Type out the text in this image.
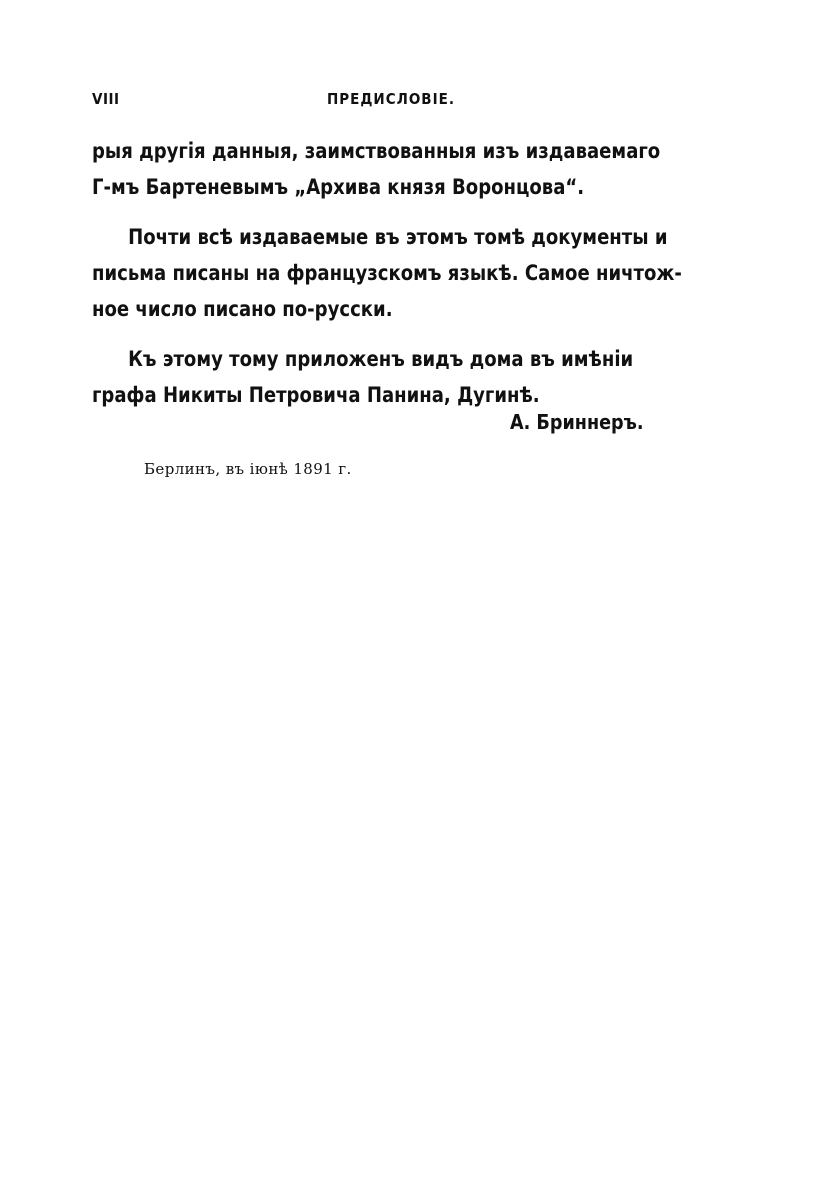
VIII	ПРЕДИСЛОВІЕ.
рыя другія данныя, заимствованныя изъ издаваемаго
Г-мъ Бартеневымъ „Архива князя Воронцова“.
Почти всѣ издаваемые въ этомъ томѣ документы и
письма писаны на французскомъ языкѣ. Самое ничтож-
ное число писано по-русски.
Къ этому тому приложенъ видъ дома въ имѣніи
графа Никиты Петровича Панина, Дугинѣ.
А. Бриннеръ.
Берлинъ, въ іюнѣ 1891 г.
